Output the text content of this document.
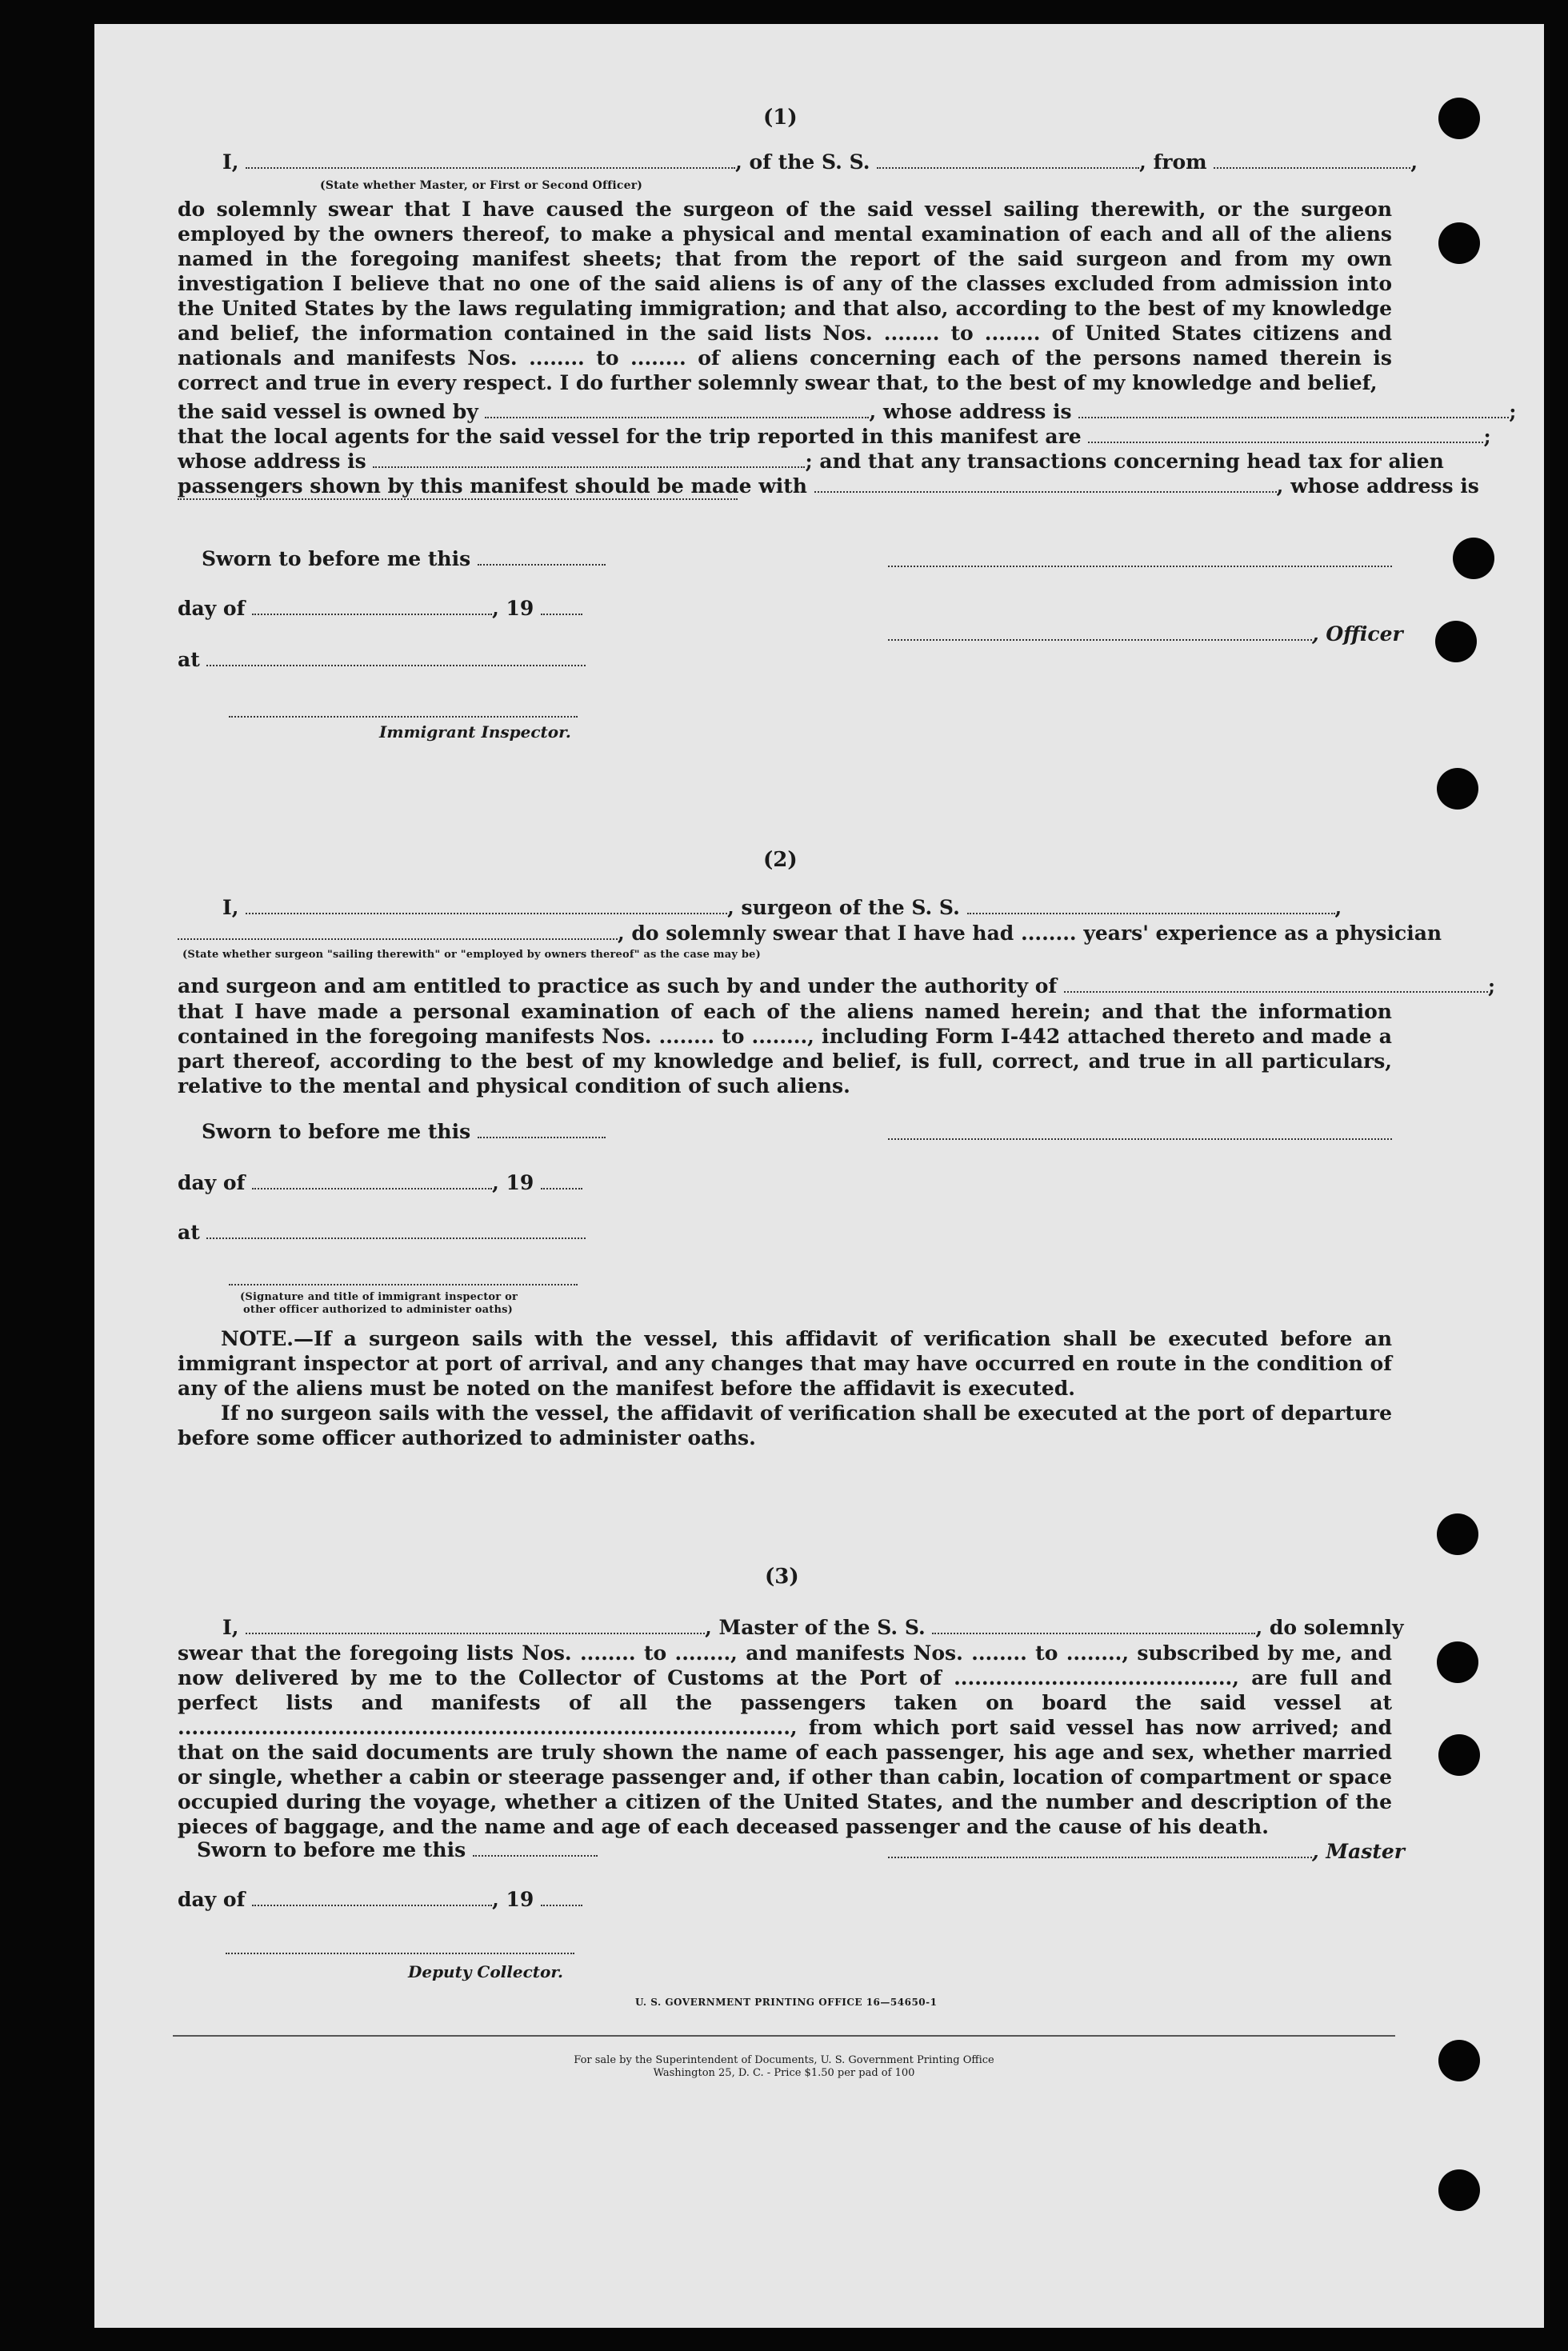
(1)
I,	, of the S. S.	, from	,
(State whether Master, or First or Second Officer)

do solemnly swear that I have caused the surgeon of the said vessel sailing therewith, or the surgeon employed by the owners thereof, to make a physical and mental examination of each and all of the aliens named in the foregoing manifest sheets; that from the report of the said surgeon and from my own investigation I believe that no one of the said aliens is of any of the classes excluded from admission into the United States by the laws regulating immigration; and that also, according to the best of my knowledge and belief, the information contained in the said lists Nos. ........ to ........ of United States citizens and nationals and manifests Nos. ........ to ........ of aliens concerning each of the persons named therein is correct and true in every respect. I do further solemnly swear that, to the best of my knowledge and belief,

the said vessel is owned by	, whose address is	;
that the local agents for the said vessel for the trip reported in this manifest are	;
whose address is	; and that any transactions concerning head tax for alien
passengers shown by this manifest should be made with	, whose address is
Sworn to before me this
day of	, 19
, Officer
at
Immigrant Inspector.
(2)
I,	, surgeon of the S. S.	,
, do solemnly swear that I have had ........ years' experience as a physician
(State whether surgeon "sailing therewith" or "employed by owners thereof" as the case may be)
and surgeon and am entitled to practice as such by and under the authority of	;

that I have made a personal examination of each of the aliens named herein; and that the information contained in the foregoing manifests Nos. ........ to ........, including Form I-442 attached thereto and made a part thereof, according to the best of my knowledge and belief, is full, correct, and true in all particulars, relative to the mental and physical condition of such aliens.

Sworn to before me this
day of	, 19
at
(Signature and title of immigrant inspector or
other officer authorized to administer oaths)

NOTE.—If a surgeon sails with the vessel, this affidavit of verification shall be executed before an immigrant inspector at port of arrival, and any changes that may have occurred en route in the condition of any of the aliens must be noted on the manifest before the affidavit is executed.

If no surgeon sails with the vessel, the affidavit of verification shall be executed at the port of departure before some officer authorized to administer oaths.

(3)
I,	, Master of the S. S.	, do solemnly

swear that the foregoing lists Nos. ........ to ........, and manifests Nos. ........ to ........, subscribed by me, and now delivered by me to the Collector of Customs at the Port of ........................................, are full and perfect lists and manifests of all the passengers taken on board the said vessel at ........................................................................................, from which port said vessel has now arrived; and that on the said documents are truly shown the name of each passenger, his age and sex, whether married or single, whether a cabin or steerage passenger and, if other than cabin, location of compartment or space occupied during the voyage, whether a citizen of the United States, and the number and description of the pieces of baggage, and the name and age of each deceased passenger and the cause of his death.

Sworn to before me this	, Master
day of	, 19
Deputy Collector.
U. S. GOVERNMENT PRINTING OFFICE 16—54650-1
For sale by the Superintendent of Documents, U. S. Government Printing Office
Washington 25, D. C. - Price $1.50 per pad of 100
